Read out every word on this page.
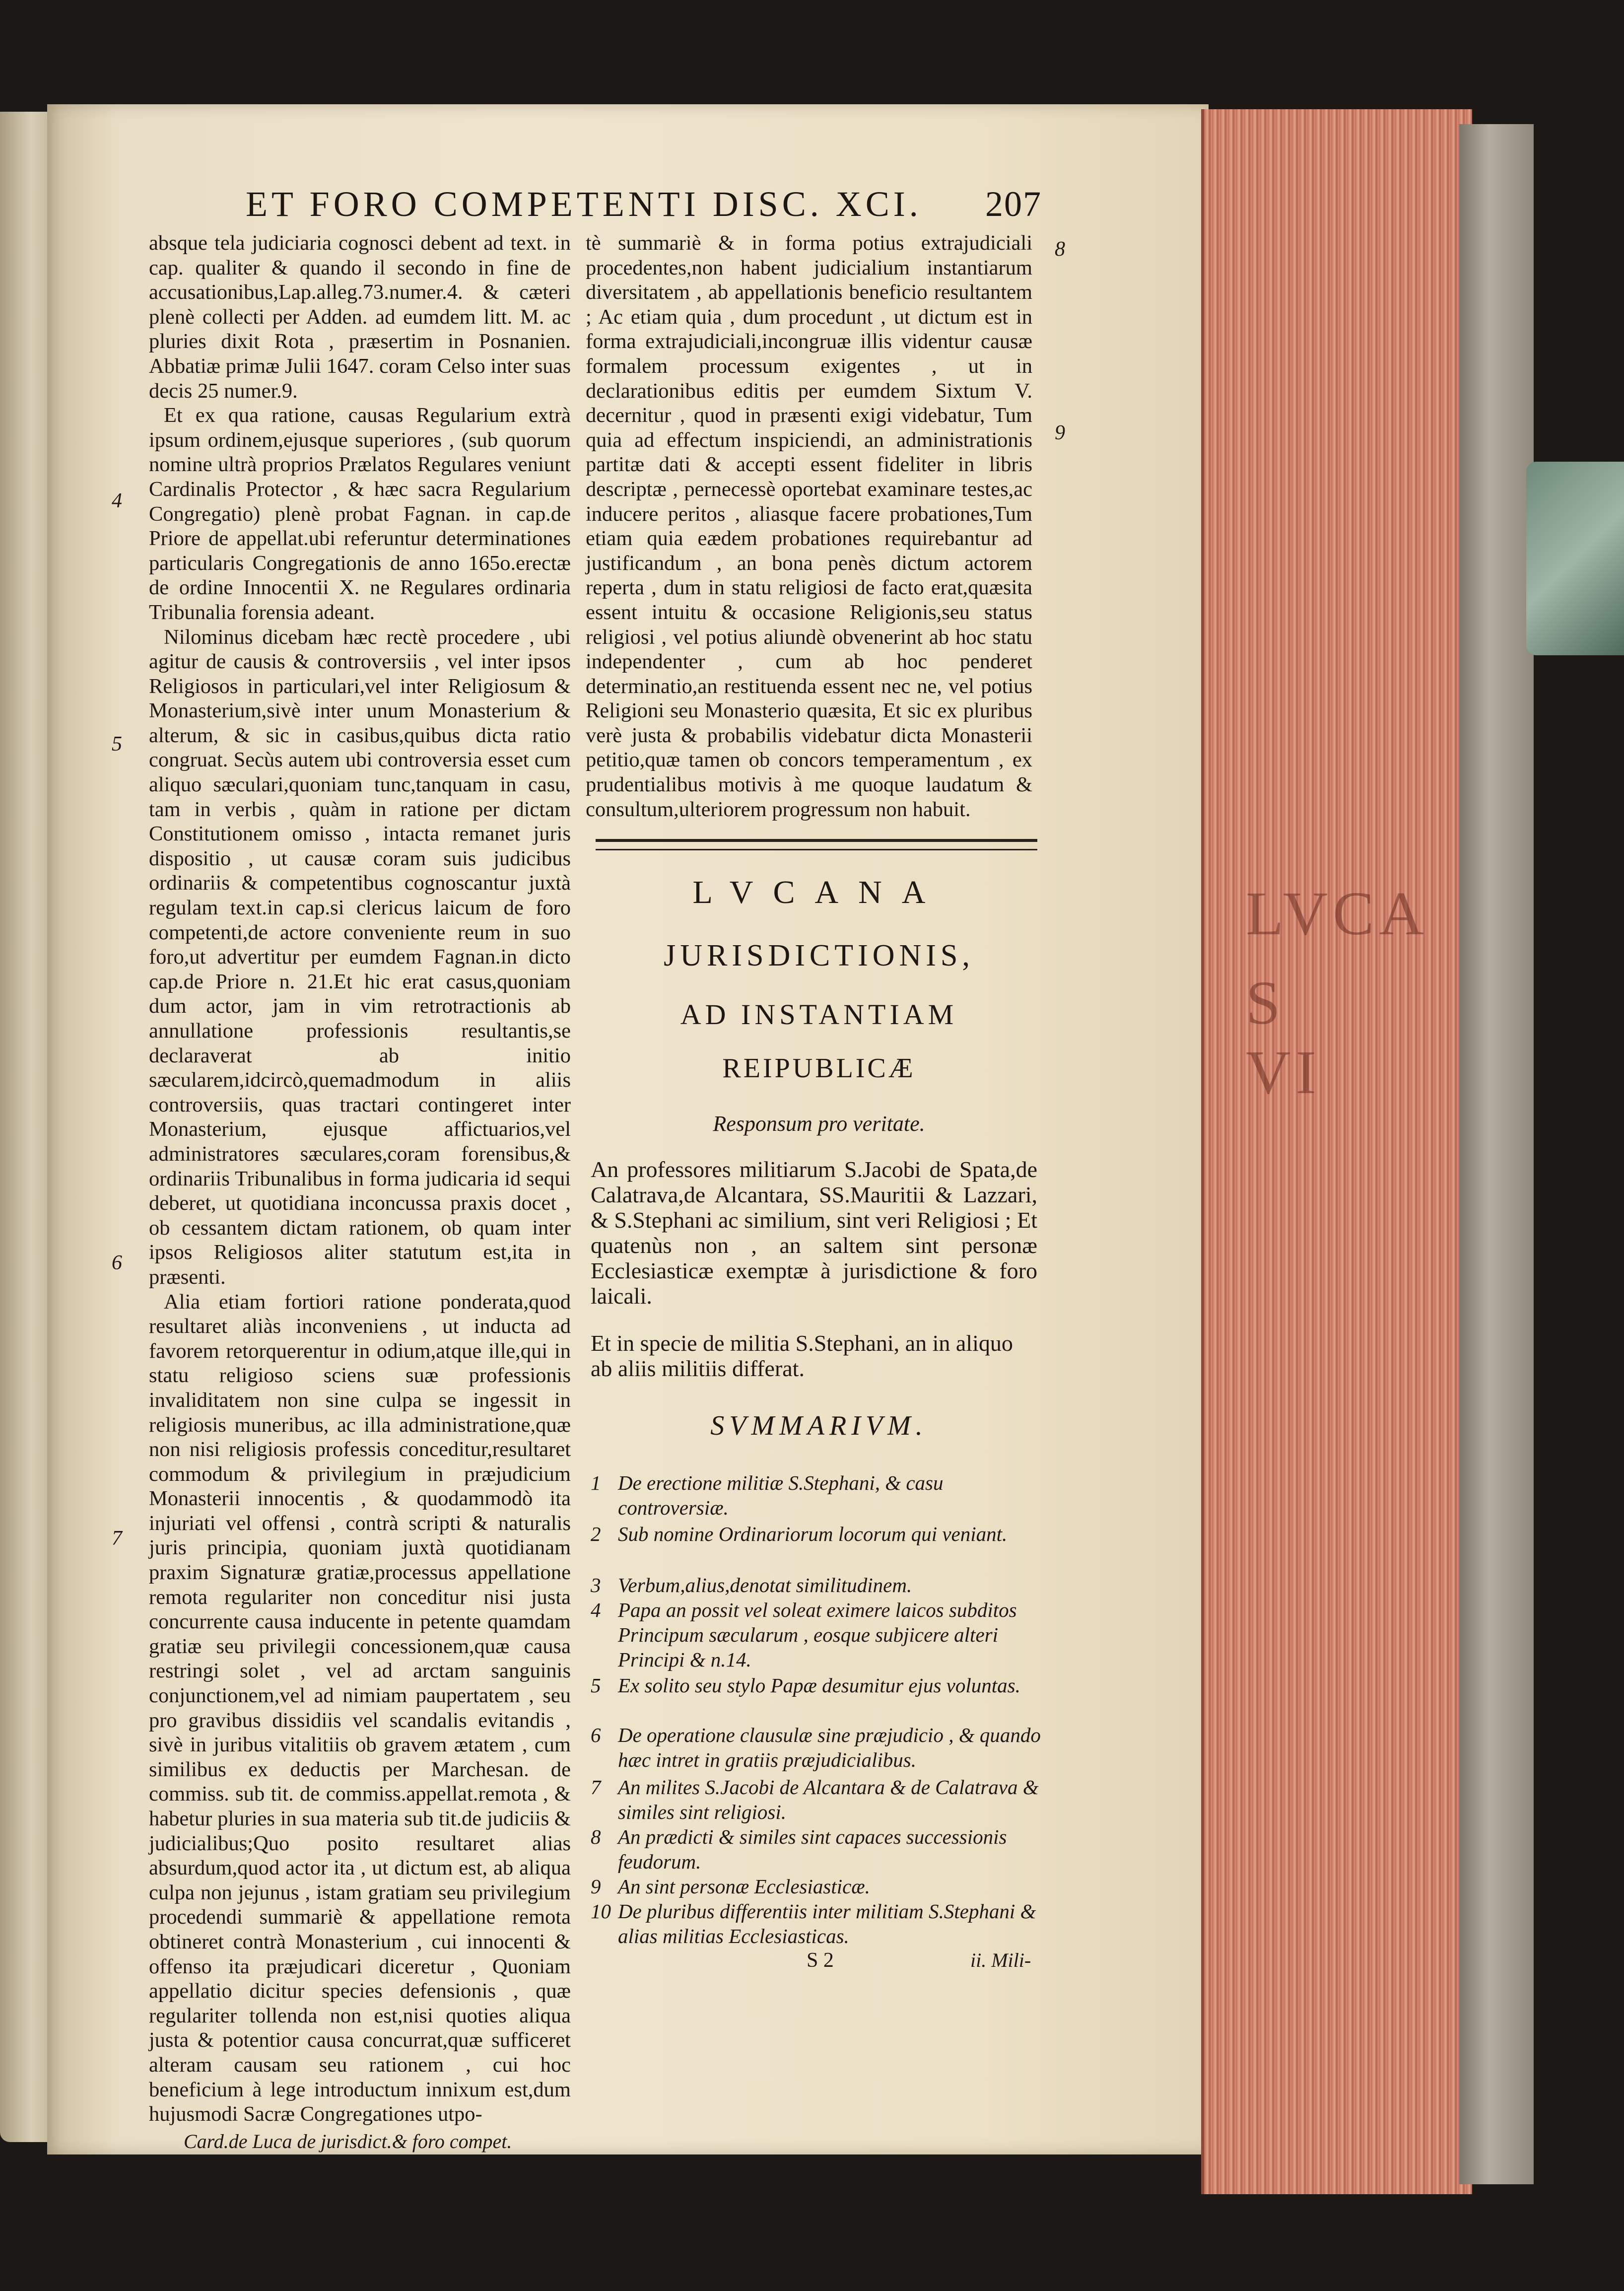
LVCA
S
VI
ET FORO COMPETENTI DISC. XCI. 207

absque tela judiciaria cognosci debent ad text. in cap. qualiter & quando il secondo in fine de accusationibus,Lap.alleg.73.numer.4. & cæteri plenè collecti per Adden. ad eumdem litt. M. ac pluries dixit Rota , præsertim in Posnanien. Abbatiæ primæ Julii 1647. coram Celso inter suas decis 25 numer.9.

Et ex qua ratione, causas Regularium extrà ipsum ordinem,ejusque superiores , (sub quorum nomine ultrà proprios Prælatos Regulares veniunt Cardinalis Protector , & hæc sacra Regularium Congregatio) plenè probat Fagnan. in cap.de Priore de appellat.ubi referuntur determinationes particularis Congregationis de anno 165o.erectæ de ordine Innocentii X. ne Regulares ordinaria Tribunalia forensia adeant.

Nilominus dicebam hæc rectè procedere , ubi agitur de causis & controversiis , vel inter ipsos Religiosos in particulari,vel inter Religiosum & Monasterium,sivè inter unum Monasterium & alterum, & sic in casibus,quibus dicta ratio congruat. Secùs autem ubi controversia esset cum aliquo sæculari,quoniam tunc,tanquam in casu, tam in verbis , quàm in ratione per dictam Constitutionem omisso , intacta remanet juris dispositio , ut causæ coram suis judicibus ordinariis & competentibus cognoscantur juxtà regulam text.in cap.si clericus laicum de foro competenti,de actore conveniente reum in suo foro,ut advertitur per eumdem Fagnan.in dicto cap.de Priore n. 21.Et hic erat casus,quoniam dum actor, jam in vim retrotractionis ab annullatione professionis resultantis,se declaraverat ab initio sæcularem,idcircò,quemadmodum in aliis controversiis, quas tractari contingeret inter Monasterium, ejusque affictuarios,vel administratores sæculares,coram forensibus,& ordinariis Tribunalibus in forma judicaria id sequi deberet, ut quotidiana inconcussa praxis docet , ob cessantem dictam rationem, ob quam inter ipsos Religiosos aliter statutum est,ita in præsenti.

Alia etiam fortiori ratione ponderata,quod resultaret aliàs inconveniens , ut inducta ad favorem retorquerentur in odium,atque ille,qui in statu religioso sciens suæ professionis invaliditatem non sine culpa se ingessit in religiosis muneribus, ac illa administratione,quæ non nisi religiosis professis conceditur,resultaret commodum & privilegium in præjudicium Monasterii innocentis , & quodammodò ita injuriati vel offensi , contrà scripti & naturalis juris principia, quoniam juxtà quotidianam praxim Signaturæ gratiæ,processus appellatione remota regulariter non conceditur nisi justa concurrente causa inducente in petente quamdam gratiæ seu privilegii concessionem,quæ causa restringi solet , vel ad arctam sanguinis conjunctionem,vel ad nimiam paupertatem , seu pro gravibus dissidiis vel scandalis evitandis , sivè in juribus vitalitiis ob gravem ætatem , cum similibus ex deductis per Marchesan. de commiss. sub tit. de commiss.appellat.remota , & habetur pluries in sua materia sub tit.de judiciis & judicialibus;Quo posito resultaret alias absurdum,quod actor ita , ut dictum est, ab aliqua culpa non jejunus , istam gratiam seu privilegium procedendi summariè & appellatione remota obtineret contrà Monasterium , cui innocenti & offenso ita præjudicari diceretur , Quoniam appellatio dicitur species defensionis , quæ regulariter tollenda non est,nisi quoties aliqua justa & potentior causa concurrat,quæ sufficeret alteram causam seu rationem , cui hoc beneficium à lege introductum innixum est,dum hujusmodi Sacræ Congregationes utpo-

Card.de Luca de jurisdict.& foro compet.
4
5
6
7

tè summariè & in forma potius extrajudiciali procedentes,non habent judicialium instantiarum diversitatem , ab appellationis beneficio resultantem ; Ac etiam quia , dum procedunt , ut dictum est in forma extrajudiciali,incongruæ illis videntur causæ formalem processum exigentes , ut in declarationibus editis per eumdem Sixtum V. decernitur , quod in præsenti exigi videbatur, Tum quia ad effectum inspiciendi, an administrationis partitæ dati & accepti essent fideliter in libris descriptæ , pernecessè oportebat examinare testes,ac inducere peritos , aliasque facere probationes,Tum etiam quia eædem probationes requirebantur ad justificandum , an bona penès dictum actorem reperta , dum in statu religiosi de facto erat,quæsita essent intuitu & occasione Religionis,seu status religiosi , vel potius aliundè obvenerint ab hoc statu independenter , cum ab hoc penderet determinatio,an restituenda essent nec ne, vel potius Religioni seu Monasterio quæsita, Et sic ex pluribus verè justa & probabilis videbatur dicta Monasterii petitio,quæ tamen ob concors temperamentum , ex prudentialibus motivis à me quoque laudatum & consultum,ulteriorem progressum non habuit.

8
9
LVCANA
JURISDICTIONIS,
AD INSTANTIAM
REIPUBLICÆ
Responsum pro veritate.
An professores militiarum S.Jacobi de Spata,de Calatrava,de Alcantara, SS.Mauritii & Lazzari, & S.Stephani ac similium, sint veri Religiosi ; Et quatenùs non , an saltem sint personæ Ecclesiasticæ exemptæ à jurisdictione & foro laicali.
Et in specie de militia S.Stephani, an in aliquo ab aliis militiis differat.
SVMMARIVM.
1 De erectione militiæ S.Stephani, & casu controversiæ.
2 Sub nomine Ordinariorum locorum qui veniant.
3 Verbum,alius,denotat similitudinem.
4 Papa an possit vel soleat eximere laicos subditos Principum sæcularum , eosque subjicere alteri Principi & n.14.
5 Ex solito seu stylo Papæ desumitur ejus voluntas.
6 De operatione clausulæ sine præjudicio , & quando hæc intret in gratiis præjudicialibus.
7 An milites S.Jacobi de Alcantara & de Calatrava & similes sint religiosi.
8 An prædicti & similes sint capaces successionis feudorum.
9 An sint personæ Ecclesiasticæ.
10 De pluribus differentiis inter militiam S.Stephani & alias militias Ecclesiasticas.
S 2	ii. Mili-
